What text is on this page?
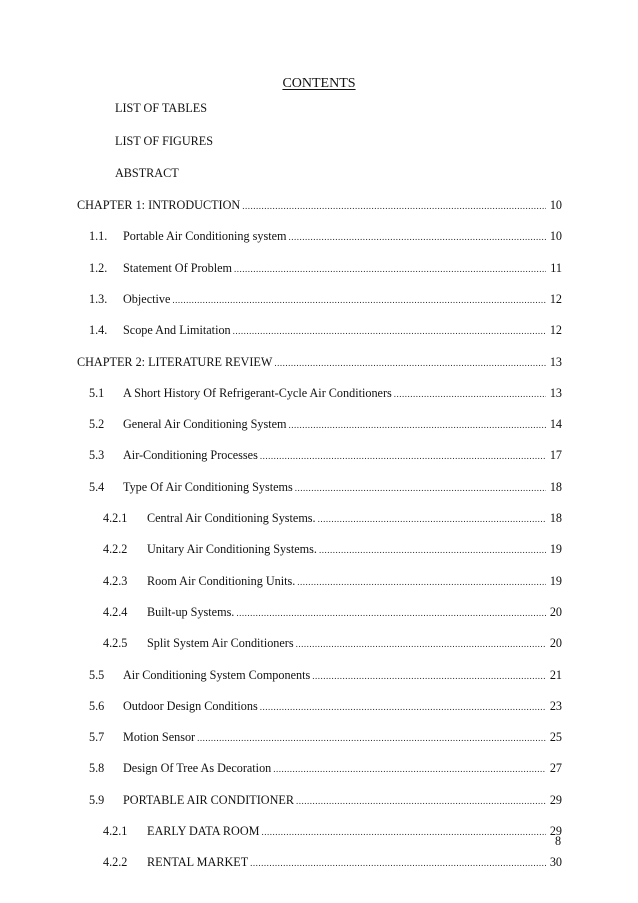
CONTENTS
LIST OF TABLES
LIST OF FIGURES
ABSTRACT
CHAPTER 1: INTRODUCTION .....	10
1.1.	Portable Air Conditioning system .....	10
1.2.	Statement Of Problem .....	11
1.3.	Objective .....	12
1.4.	Scope And Limitation .....	12
CHAPTER 2: LITERATURE REVIEW .....	13
5.1	A Short History Of Refrigerant-Cycle Air Conditioners .....	13
5.2	General Air Conditioning System .....	14
5.3	Air-Conditioning Processes .....	17
5.4	Type Of Air Conditioning Systems .....	18
4.2.1	Central Air Conditioning Systems. .....	18
4.2.2	Unitary Air Conditioning Systems. .....	19
4.2.3	Room Air Conditioning Units. .....	19
4.2.4	Built-up Systems. .....	20
4.2.5	Split System Air Conditioners .....	20
5.5	Air Conditioning System Components .....	21
5.6	Outdoor Design Conditions .....	23
5.7	Motion Sensor .....	25
5.8	Design Of Tree As Decoration .....	27
5.9	PORTABLE AIR CONDITIONER .....	29
4.2.1	EARLY DATA ROOM .....	29
4.2.2	RENTAL MARKET .....	30
8
